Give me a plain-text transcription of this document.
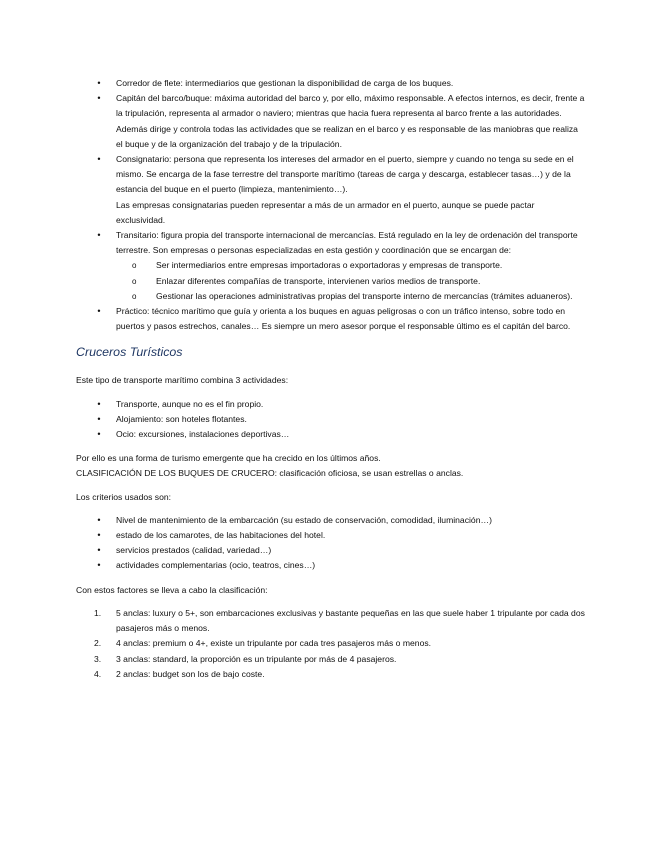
•	Corredor de flete: intermediarios que gestionan la disponibilidad de carga de los buques.
•	Capitán del barco/buque: máxima autoridad del barco y, por ello, máximo responsable. A efectos internos, es decir, frente a la tripulación, representa al armador o naviero; mientras que hacia fuera representa al barco frente a las autoridades. Además dirige y controla todas las actividades que se realizan en el barco y es responsable de las maniobras que realiza el buque y de la organización del trabajo y de la tripulación.
•	Consignatario: persona que representa los intereses del armador en el puerto, siempre y cuando no tenga su sede en el mismo. Se encarga de la fase terrestre del transporte marítimo (tareas de carga y descarga, establecer tasas…) y de la estancia del buque en el puerto (limpieza, mantenimiento…).
Las empresas consignatarias pueden representar a más de un armador en el puerto, aunque se puede pactar exclusividad.
•	Transitario: figura propia del transporte internacional de mercancías. Está regulado en la ley de ordenación del transporte terrestre. Son empresas o personas especializadas en esta gestión y coordinación que se encargan de:
o Ser intermediarios entre empresas importadoras o exportadoras y empresas de transporte.
o Enlazar diferentes compañías de transporte, intervienen varios medios de transporte.
o Gestionar las operaciones administrativas propias del transporte interno de mercancías (trámites aduaneros).
•	Práctico: técnico marítimo que guía y orienta a los buques en aguas peligrosas o con un tráfico intenso, sobre todo en puertos y pasos estrechos, canales… Es siempre un mero asesor porque el responsable último es el capitán del barco.
Cruceros Turísticos

Este tipo de transporte marítimo combina 3 actividades:

•	Transporte, aunque no es el fin propio.
•	Alojamiento: son hoteles flotantes.
•	Ocio: excursiones, instalaciones deportivas…

Por ello es una forma de turismo emergente que ha crecido en los últimos años.

CLASIFICACIÓN DE LOS BUQUES DE CRUCERO: clasificación oficiosa, se usan estrellas o anclas.

Los criterios usados son:

•	Nivel de mantenimiento de la embarcación (su estado de conservación, comodidad, iluminación…)
•	estado de los camarotes, de las habitaciones del hotel.
•	servicios prestados (calidad, variedad…)
•	actividades complementarias (ocio, teatros, cines…)

Con estos factores se lleva a cabo la clasificación:

1. 5 anclas: luxury o 5+, son embarcaciones exclusivas y bastante pequeñas en las que suele haber 1 tripulante por cada dos pasajeros más o menos.
2. 4 anclas: premium o 4+, existe un tripulante por cada tres pasajeros más o menos.
3. 3 anclas: standard, la proporción es un tripulante por más de 4 pasajeros.
4. 2 anclas: budget son los de bajo coste.
